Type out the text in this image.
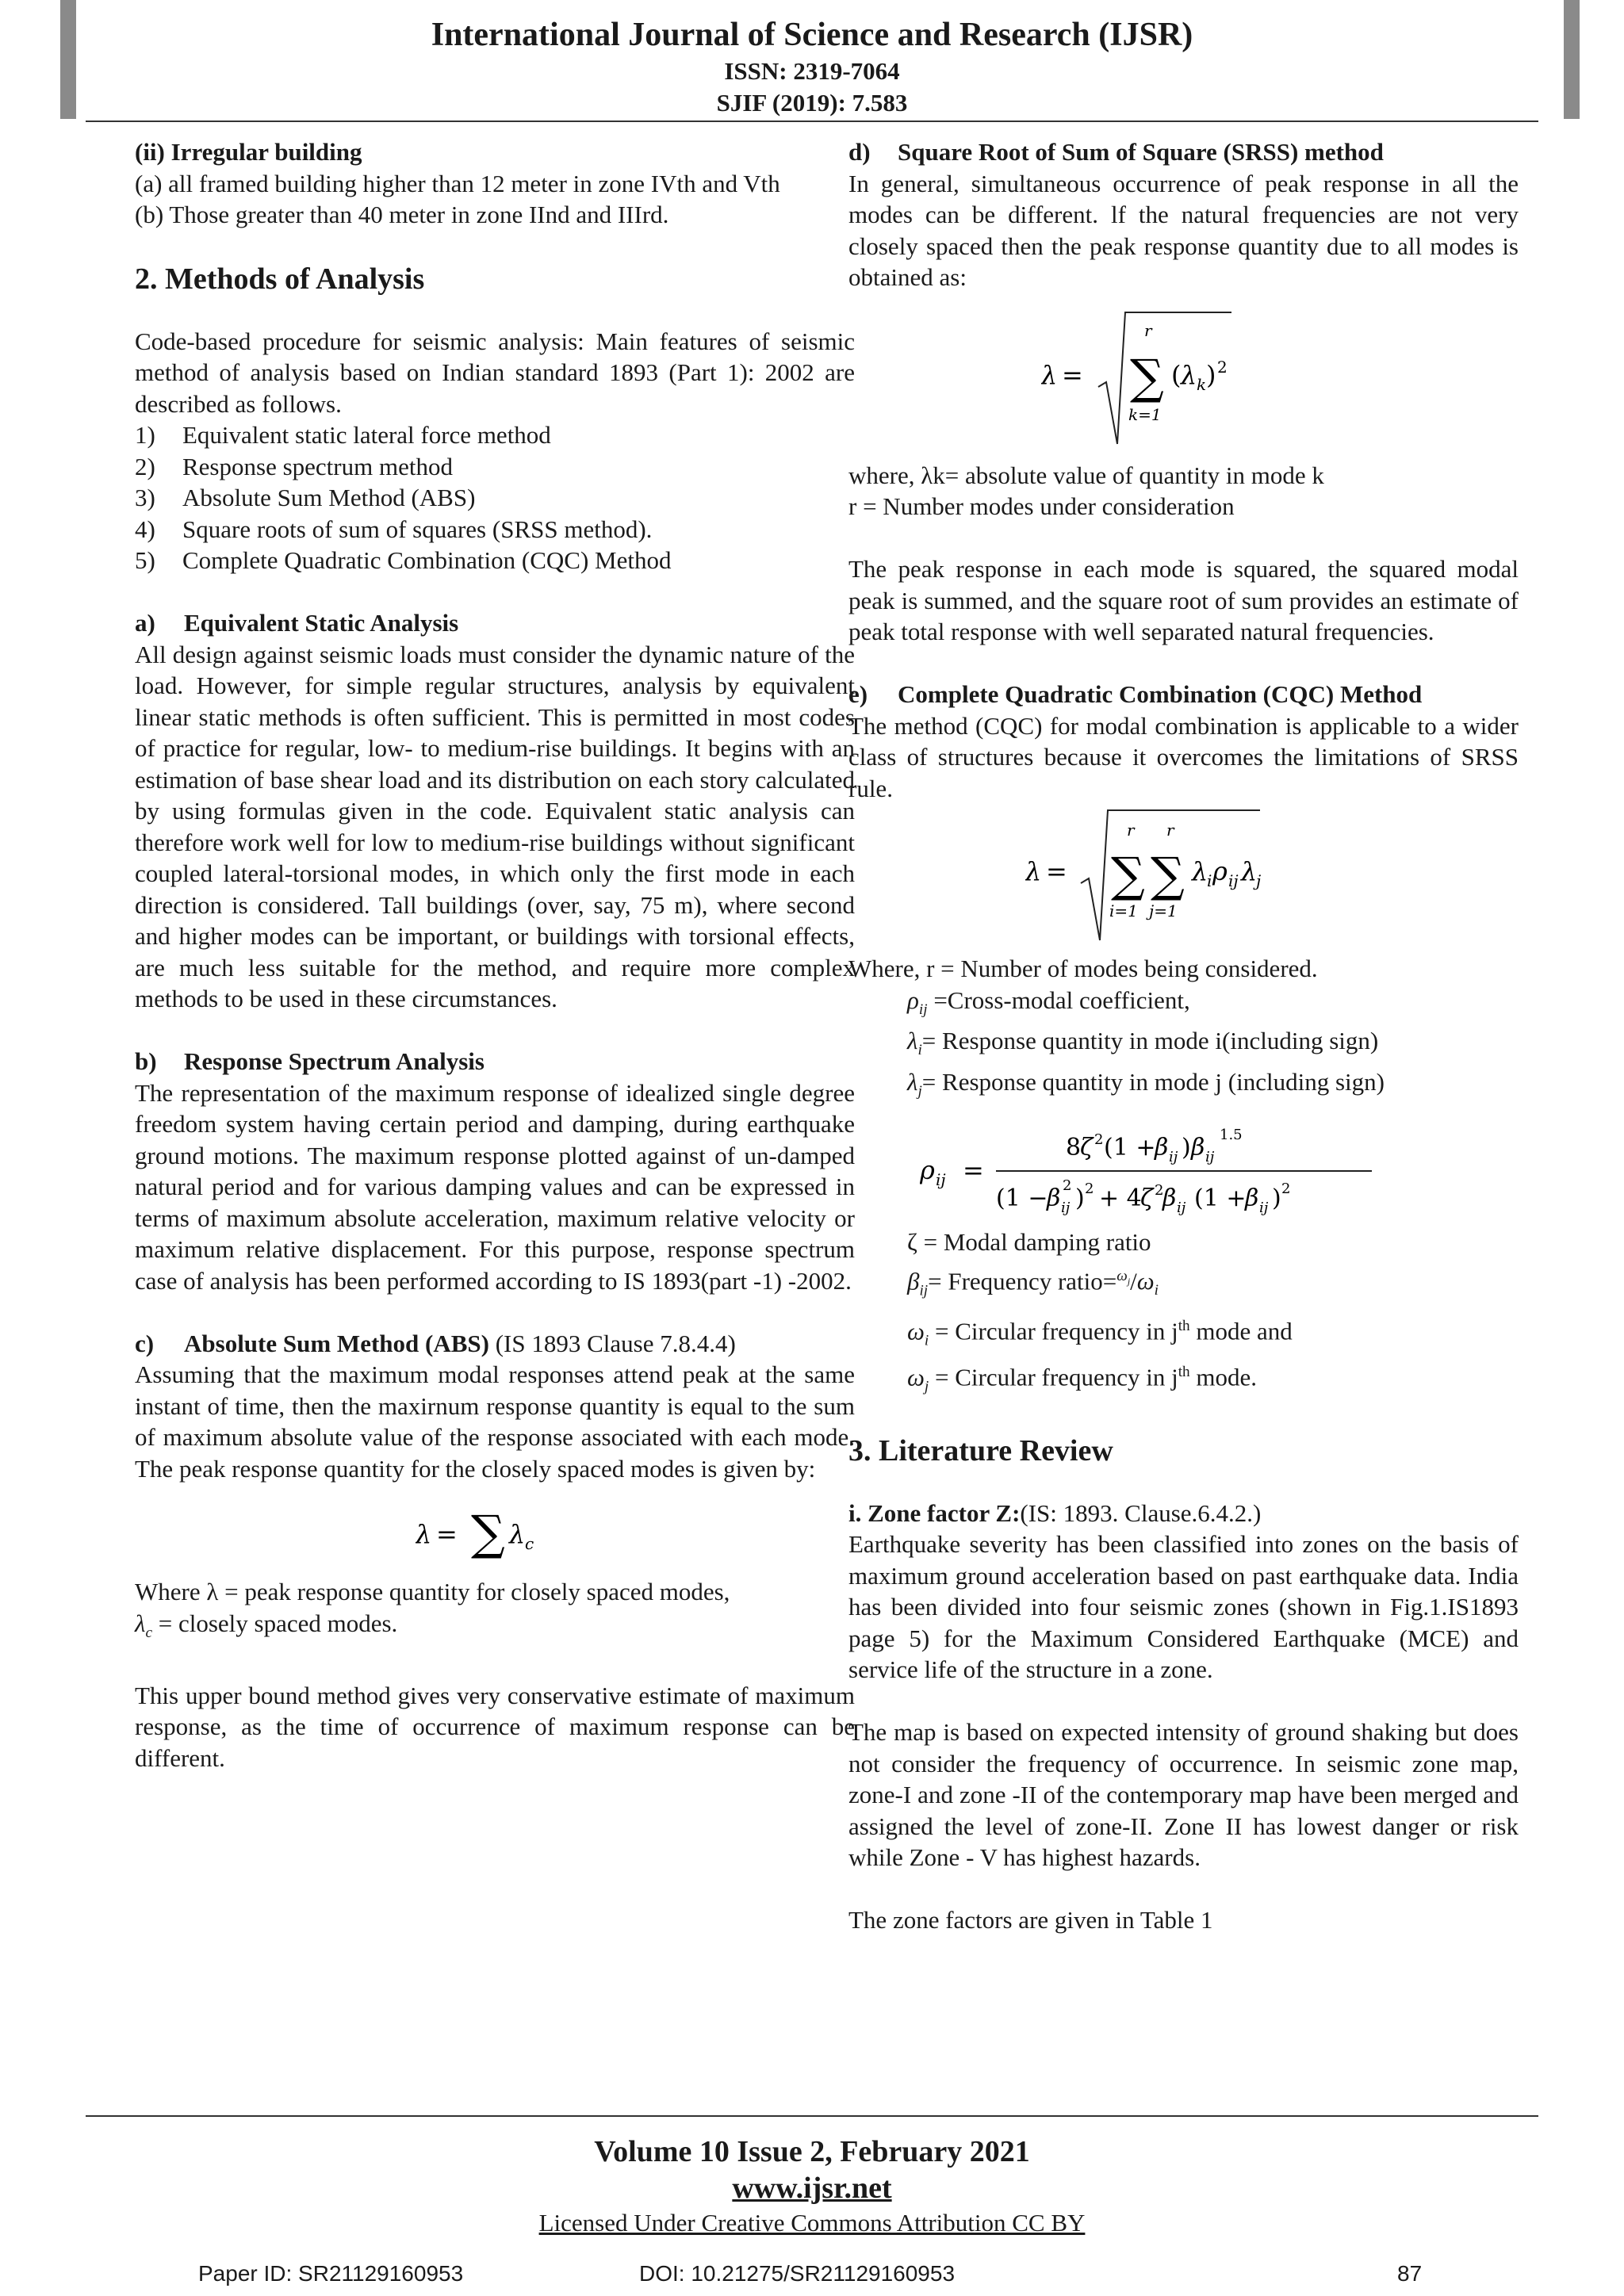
International Journal of Science and Research (IJSR)
ISSN: 2319-7064
SJIF (2019): 7.583

(ii) Irregular building

(a) all framed building higher than 12 meter in zone IVth and Vth

(b) Those greater than 40 meter in zone IInd and IIIrd.

2. Methods of Analysis

Code-based procedure for seismic analysis: Main features of seismic method of analysis based on Indian standard 1893 (Part 1): 2002 are described as follows.

1)	Equivalent static lateral force method
2)	Response spectrum method
3)	Absolute Sum Method (ABS)
4)	Square roots of sum of squares (SRSS method).
5)	Complete Quadratic Combination (CQC) Method

a) Equivalent Static Analysis

All design against seismic loads must consider the dynamic nature of the load. However, for simple regular structures, analysis by equivalent linear static methods is often sufficient. This is permitted in most codes of practice for regular, low- to medium-rise buildings. It begins with an estimation of base shear load and its distribution on each story calculated by using formulas given in the code. Equivalent static analysis can therefore work well for low to medium-rise buildings without significant coupled lateral-torsional modes, in which only the first mode in each direction is considered. Tall buildings (over, say, 75 m), where second and higher modes can be important, or buildings with torsional effects, are much less suitable for the method, and require more complex methods to be used in these circumstances.

b) Response Spectrum Analysis

The representation of the maximum response of idealized single degree freedom system having certain period and damping, during earthquake ground motions. The maximum response plotted against of un-damped natural period and for various damping values and can be expressed in terms of maximum absolute acceleration, maximum relative velocity or maximum relative displacement. For this purpose, response spectrum case of analysis has been performed according to IS 1893(part -1) -2002.

c) Absolute Sum Method (ABS) (IS 1893 Clause 7.8.4.4)

Assuming that the maximum modal responses attend peak at the same instant of time, then the maxirnum response quantity is equal to the sum of maximum absolute value of the response associated with each mode. The peak response quantity for the closely spaced modes is given by:

λ = ∑ λ c

Where λ = peak response quantity for closely spaced modes,
$\lambda_c$ = closely spaced modes.

This upper bound method gives very conservative estimate of maximum response, as the time of occurrence of maximum response can be different.

d) Square Root of Sum of Square (SRSS) method

In general, simultaneous occurrence of peak response in all the modes can be different. lf the natural frequencies are not very closely spaced then the peak response quantity due to all modes is obtained as:

λ =
r
∑
k=1
( λ k ) 2

where, λk= absolute value of quantity in mode k

r = Number modes under consideration

The peak response in each mode is squared, the squared modal peak is summed, and the square root of sum provides an estimate of peak total response with well separated natural frequencies.

e) Complete Quadratic Combination (CQC) Method

The method (CQC) for modal combination is applicable to a wider class of structures because it overcomes the limitations of SRSS rule.

λ =
r
∑
i=1
r
∑
j=1
λ
i ρ ij λ
j

Where, r = Number of modes being considered.

$\rho_{ij}$ =Cross-modal coefficient,

$\lambda_i=$ Response quantity in mode i(including sign)

$\lambda_j=$ Response quantity in mode j (including sign)

ρ ij =
8
ζ 2 (1 +
β ij ) β ij
1.5
(1 −
β ij
2 ) 2 + 4
ζ 2
β ij (1 +
β ij ) 2

ζ = Modal damping ratio

$\beta_{ij}=$ Frequency $ratio=^{\omega_j}/\omega_i$

$\omega_i$ = Circular frequency in $j^{th}$ mode and

$\omega_j$ = Circular frequency in $j^{th}$ mode.

3. Literature Review

i. Zone factor Z:(IS: 1893. Clause.6.4.2.)

Earthquake severity has been classified into zones on the basis of maximum ground acceleration based on past earthquake data. India has been divided into four seismic zones (shown in Fig.1.IS1893 page 5) for the Maximum Considered Earthquake (MCE) and service life of the structure in a zone.

The map is based on expected intensity of ground shaking but does not consider the frequency of occurrence. In seismic zone map, zone-I and zone -II of the contemporary map have been merged and assigned the level of zone-II. Zone II has lowest danger or risk while Zone - V has highest hazards.

The zone factors are given in Table 1

Volume 10 Issue 2, February 2021
www.ijsr.net
Licensed Under Creative Commons Attribution CC BY
Paper ID: SR21129160953	DOI: 10.21275/SR21129160953	87
